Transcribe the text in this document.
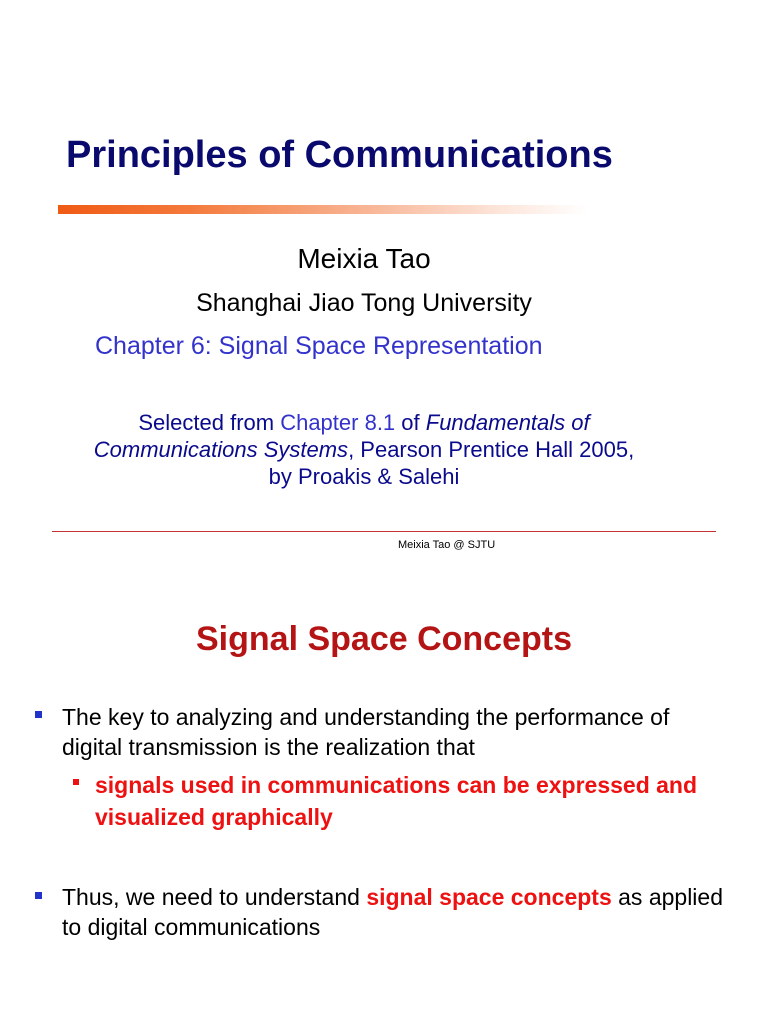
Principles of Communications
Meixia Tao
Shanghai Jiao Tong University
Chapter 6: Signal Space Representation
Selected from Chapter 8.1 of Fundamentals of
Communications Systems, Pearson Prentice Hall 2005,
by Proakis & Salehi
Meixia Tao @ SJTU
Signal Space Concepts
The key to analyzing and understanding the performance of digital transmission is the realization that
signals used in communications can be expressed and visualized graphically
Thus, we need to understand signal space concepts as applied to digital communications
